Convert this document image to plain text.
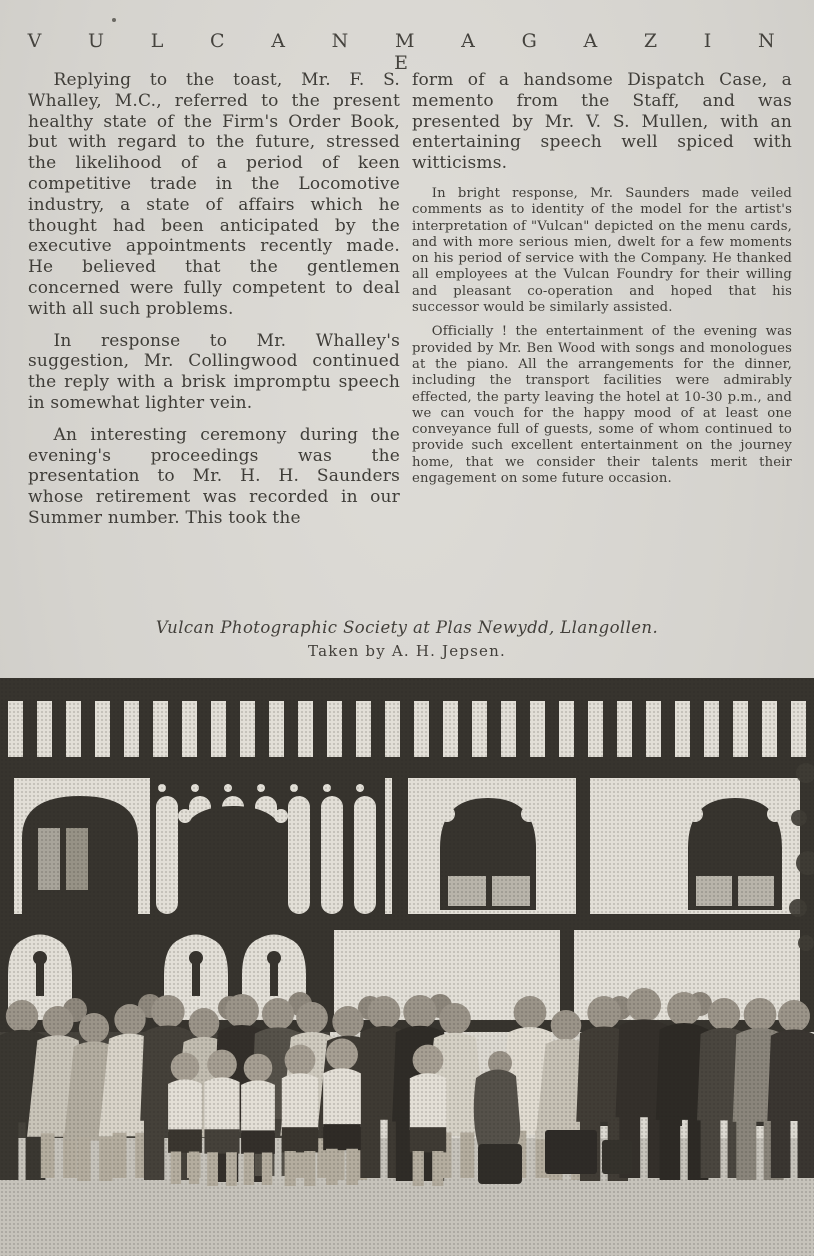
V U L C A N M A G A Z I N E

Replying to the toast, Mr. F. S. Whalley, M.C., referred to the present healthy state of the Firm's Order Book, but with regard to the future, stressed the likelihood of a period of keen competitive trade in the Locomotive industry, a state of affairs which he thought had been anticipated by the executive appointments recently made. He believed that the gentlemen concerned were fully competent to deal with all such problems.

In response to Mr. Whalley's suggestion, Mr. Collingwood continued the reply with a brisk impromptu speech in somewhat lighter vein.

An interesting ceremony during the evening's proceedings was the presentation to Mr. H. H. Saunders whose retirement was recorded in our Summer number. This took the

form of a handsome Dispatch Case, a memento from the Staff, and was presented by Mr. V. S. Mullen, with an entertaining speech well spiced with witticisms.

In bright response, Mr. Saunders made veiled comments as to identity of the model for the artist's interpretation of "Vulcan" depicted on the menu cards, and with more serious mien, dwelt for a few moments on his period of service with the Company. He thanked all employees at the Vulcan Foundry for their willing and pleasant co-operation and hoped that his successor would be similarly assisted.

Officially ! the entertainment of the evening was provided by Mr. Ben Wood with songs and monologues at the piano. All the arrangements for the dinner, including the transport facilities were admirably effected, the party leaving the hotel at 10-30 p.m., and we can vouch for the happy mood of at least one conveyance full of guests, some of whom continued to provide such excellent entertainment on the journey home, that we consider their talents merit their engagement on some future occasion.

Vulcan Photographic Society at Plas Newydd, Llangollen.
Taken by A. H. Jepsen.
